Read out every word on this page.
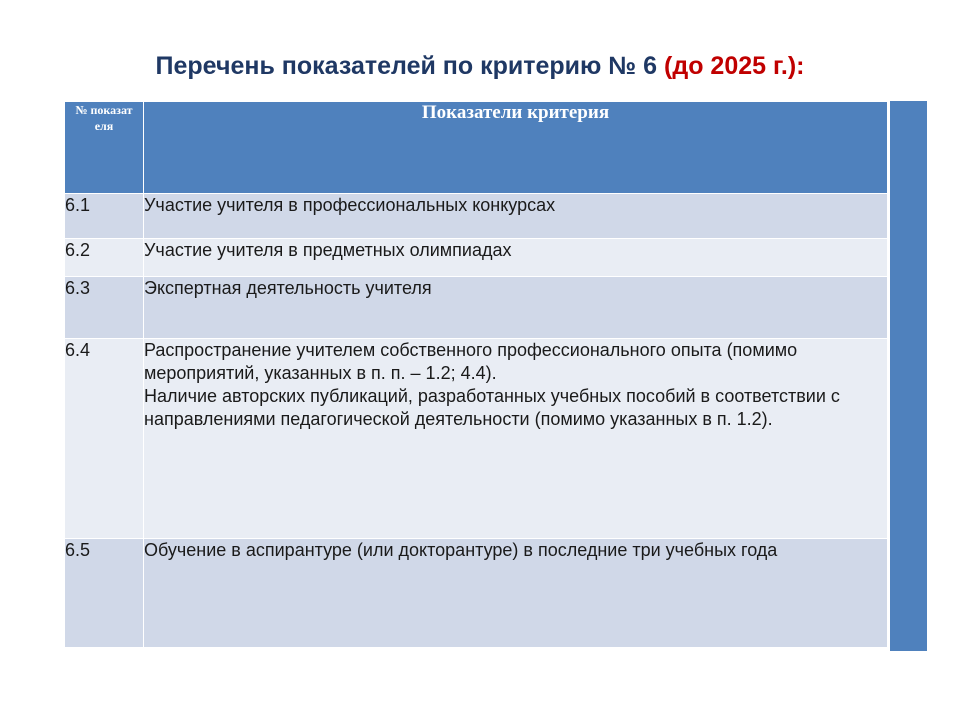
Перечень показателей по критерию № 6 (до 2025 г.):
№ показат еля	Показатели критерия
6.1	Участие учителя в профессиональных конкурсах
6.2	Участие учителя в предметных олимпиадах
6.3	Экспертная деятельность учителя
6.4	Распространение учителем собственного профессионального опыта (помимо мероприятий, указанных в п. п. – 1.2; 4.4).
Наличие авторских публикаций, разработанных учебных пособий в соответствии с направлениями педагогической деятельности (помимо указанных в п. 1.2).

6.5	Обучение в аспирантуре (или докторантуре) в последние три учебных года
